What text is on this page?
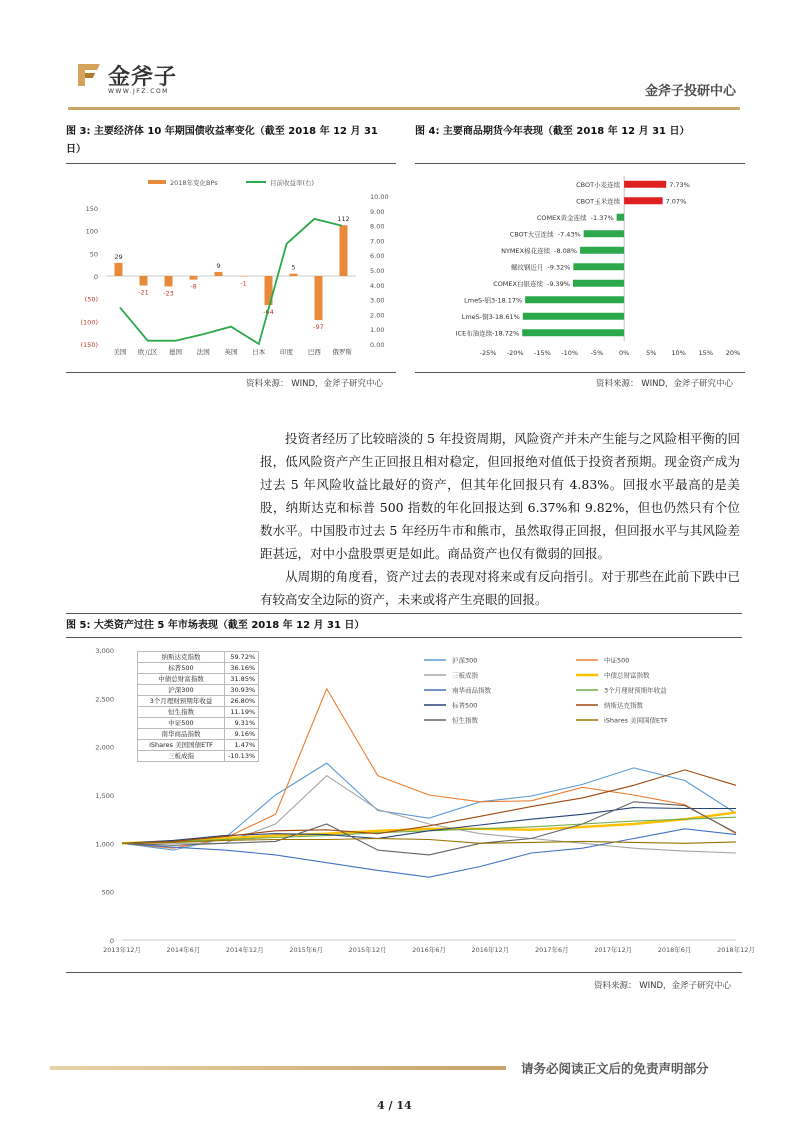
金斧子
WWW.JFZ.COM	金斧子投研中心
图 3: 主要经济体 10 年期国债收益率变化（截至 2018 年 12 月 31 日）
2018年变化BPs	目前收益率(右)
150
100
50
0
(50)
(100)
(150)
10.00
9.00
8.00
7.00
6.00
5.00
4.00
3.00
2.00
1.00
0.00
29
-21 -23
-8
9
-1
-64
5
-97
112
美国 欧元区 德国 法国 英国 日本 印度 巴西 俄罗斯
资料来源： WIND，金斧子研究中心
图 4: 主要商品期货今年表现（截至 2018 年 12 月 31 日）
7.73%
CBOT小麦连续
7.07%
CBOT玉米连续
-1.37%
COMEX黄金连续
-7.43%
CBOT大豆连续
-8.08%
NYMEX棉花连续
-9.32%
螺纹钢近月
-9.39%
COMEX白银连续
-18.17%
LmeS-铝3
-18.61%
LmeS-铜3
-18.72%
ICE布油连续
-25% -20% -15% -10% -5% 0%	5% 10% 15% 20%
资料来源： WIND，金斧子研究中心

投资者经历了比较暗淡的 5 年投资周期，风险资产并未产生能与之风险相平衡的回报，低风险资产产生正回报且相对稳定，但回报绝对值低于投资者预期。现金资产成为过去 5 年风险收益比最好的资产，但其年化回报只有 4.83%。回报水平最高的是美股，纳斯达克和标普 500 指数的年化回报达到 6.37%和 9.82%，但也仍然只有个位数水平。中国股市过去 5 年经历牛市和熊市，虽然取得正回报，但回报水平与其风险差距甚远，对中小盘股票更是如此。商品资产也仅有微弱的回报。

从周期的角度看，资产过去的表现对将来或有反向指引。对于那些在此前下跌中已有较高安全边际的资产，未来或将产生亮眼的回报。

图 5: 大类资产过往 5 年市场表现（截至 2018 年 12 月 31 日）
3,000
2,500
2,000
1,500
1,000
500
0
2013年12月	2014年6月	2014年12月	2015年6月	2015年12月	2016年6月	2016年12月	2017年6月	2017年12月	2018年6月	2018年12月
沪深300	中证500
三板成指	中债总财富指数
南华商品指数	3个月理财预期年收益
标普500	纳斯达克指数
恒生指数	iShares 美国国债ETF
纳斯达克指数	59.72%
标普500	36.16%
中债总财富指数	31.85%
沪深300	30.93%
3个月理财预期年收益	26.80%
恒生指数	11.19%
中证500	9.31%
南华商品指数	9.16%
iShares 美国国债ETF	1.47%
三板成指	-10.13%
资料来源： WIND，金斧子研究中心
请务必阅读正文后的免责声明部分
4 / 14
